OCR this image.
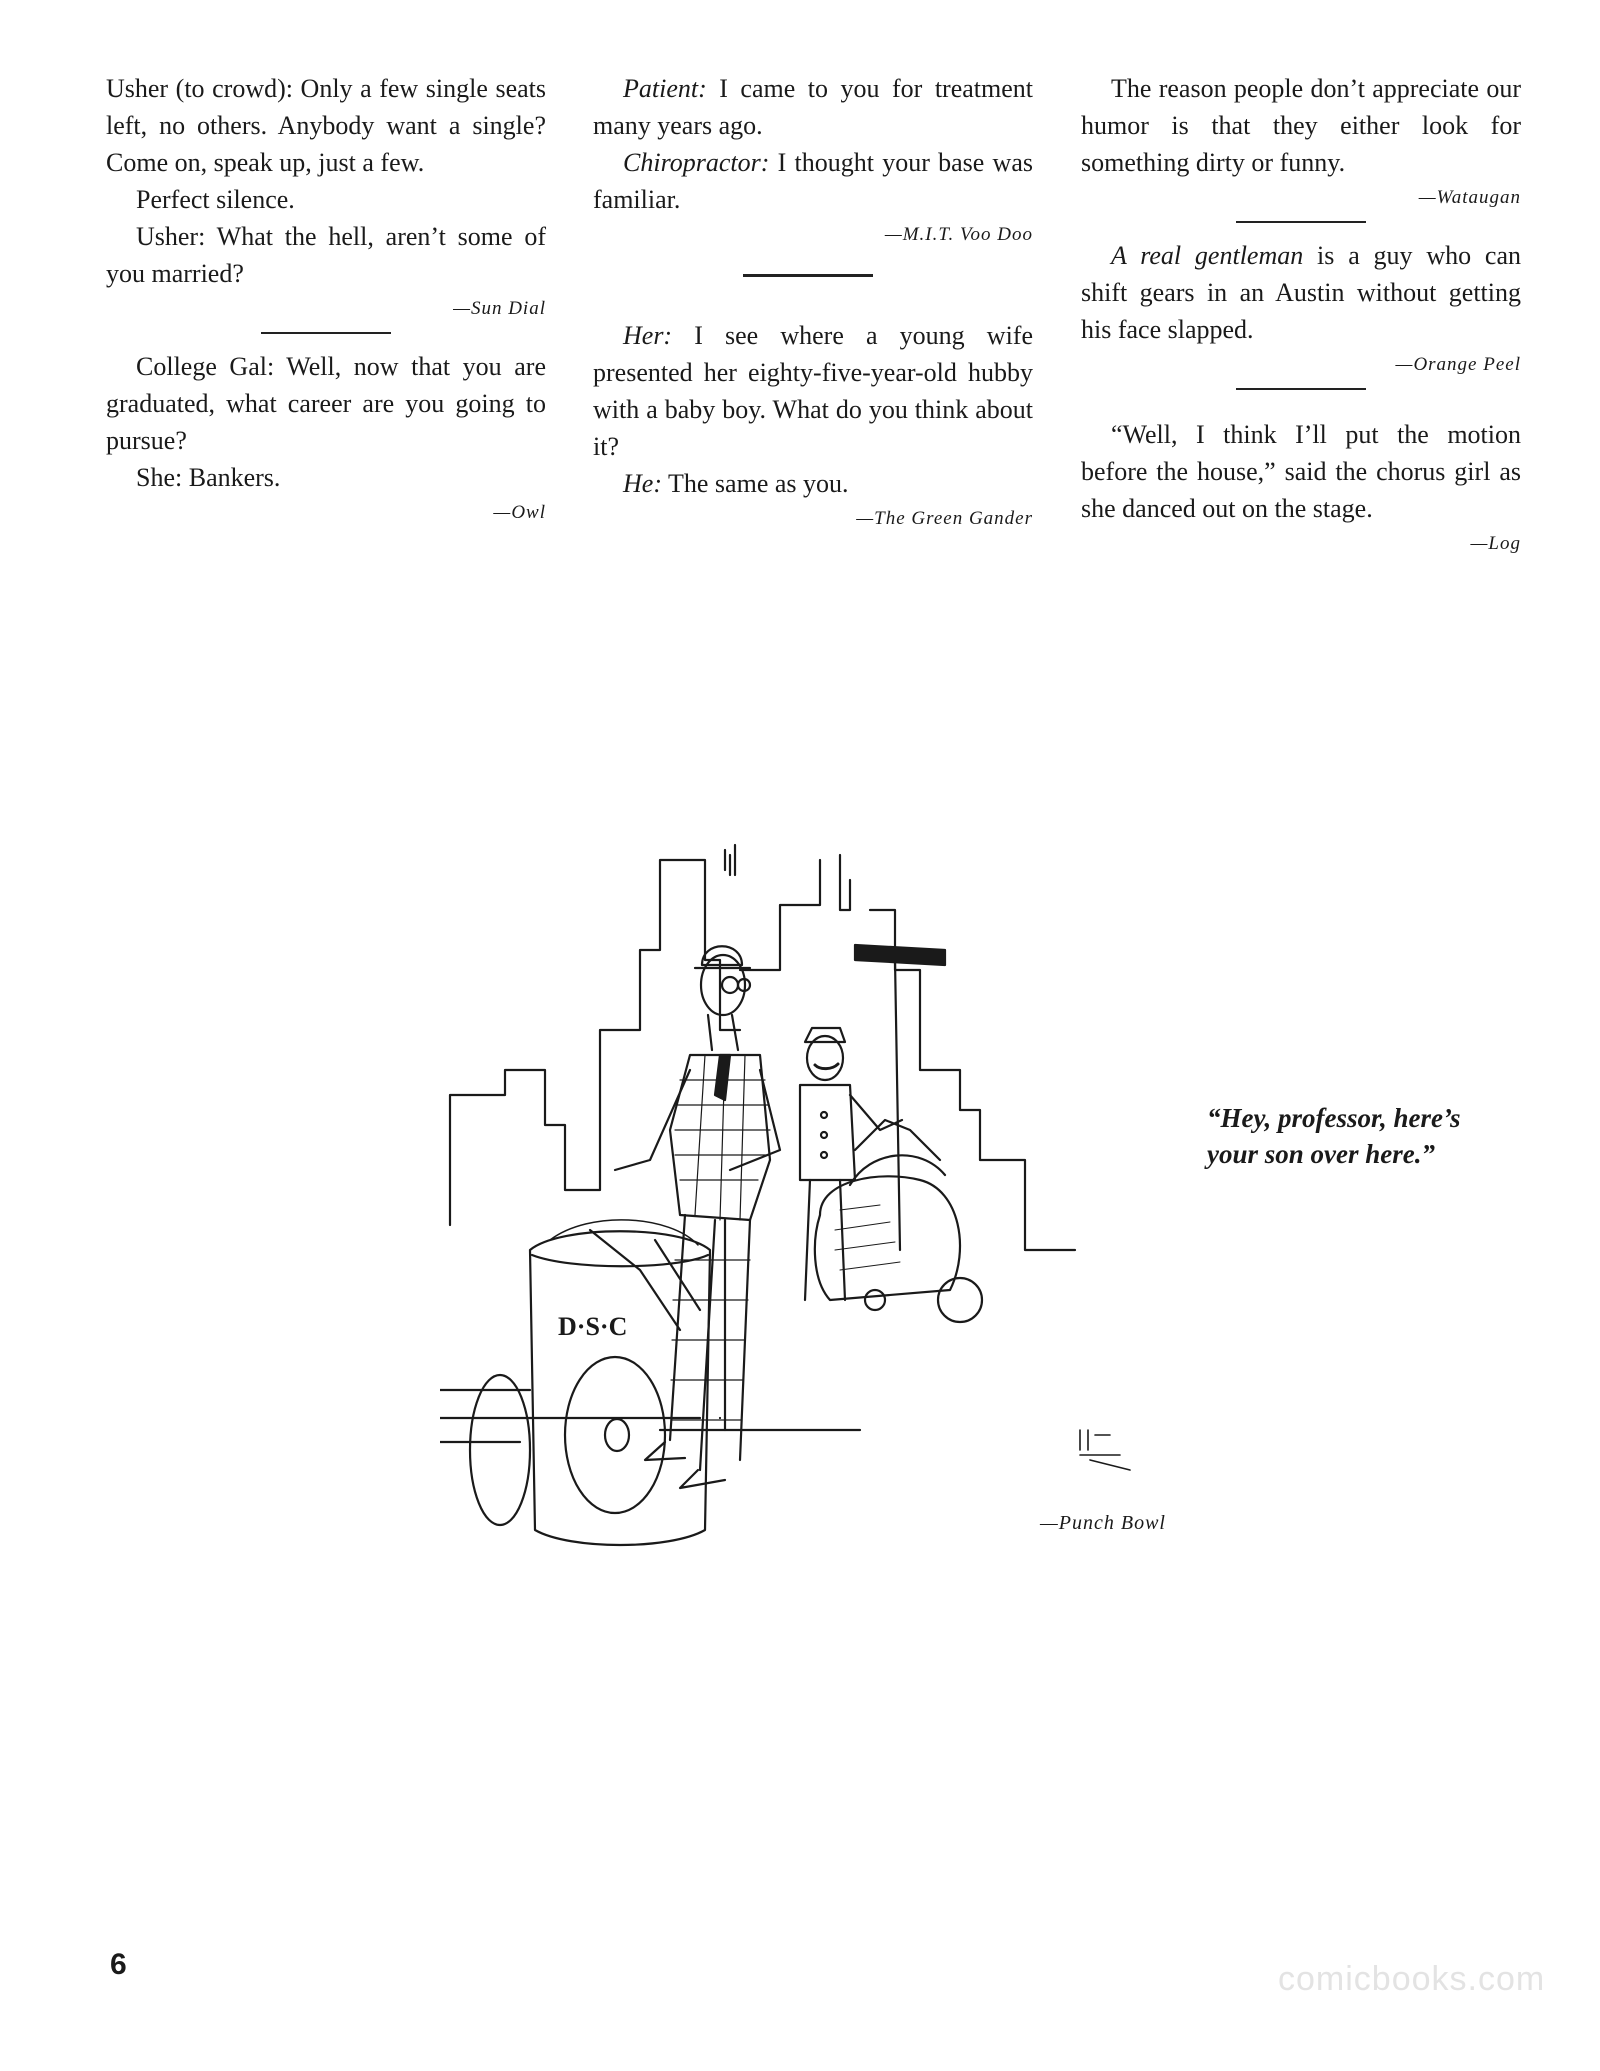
Usher (to crowd): Only a few single seats left, no others. Anybody want a single? Come on, speak up, just a few.

Perfect silence.

Usher: What the hell, aren’t some of you married?

—Sun Dial

College Gal: Well, now that you are graduated, what career are you going to pursue?

She: Bankers.

—Owl

Patient: I came to you for treatment many years ago.

Chiropractor: I thought your base was familiar.

—M.I.T. Voo Doo

Her: I see where a young wife presented her eighty-five-year-old hubby with a baby boy. What do you think about it?

He: The same as you.

—The Green Gander

The reason people don’t appreciate our humor is that they either look for something dirty or funny.

—Wataugan

A real gentleman is a guy who can shift gears in an Austin without getting his face slapped.

—Orange Peel

“Well, I think I’ll put the motion before the house,” said the chorus girl as she danced out on the stage.

—Log
D·S·C
“Hey, professor, here’s your son over here.”
—Punch Bowl
6	comicbooks.com
